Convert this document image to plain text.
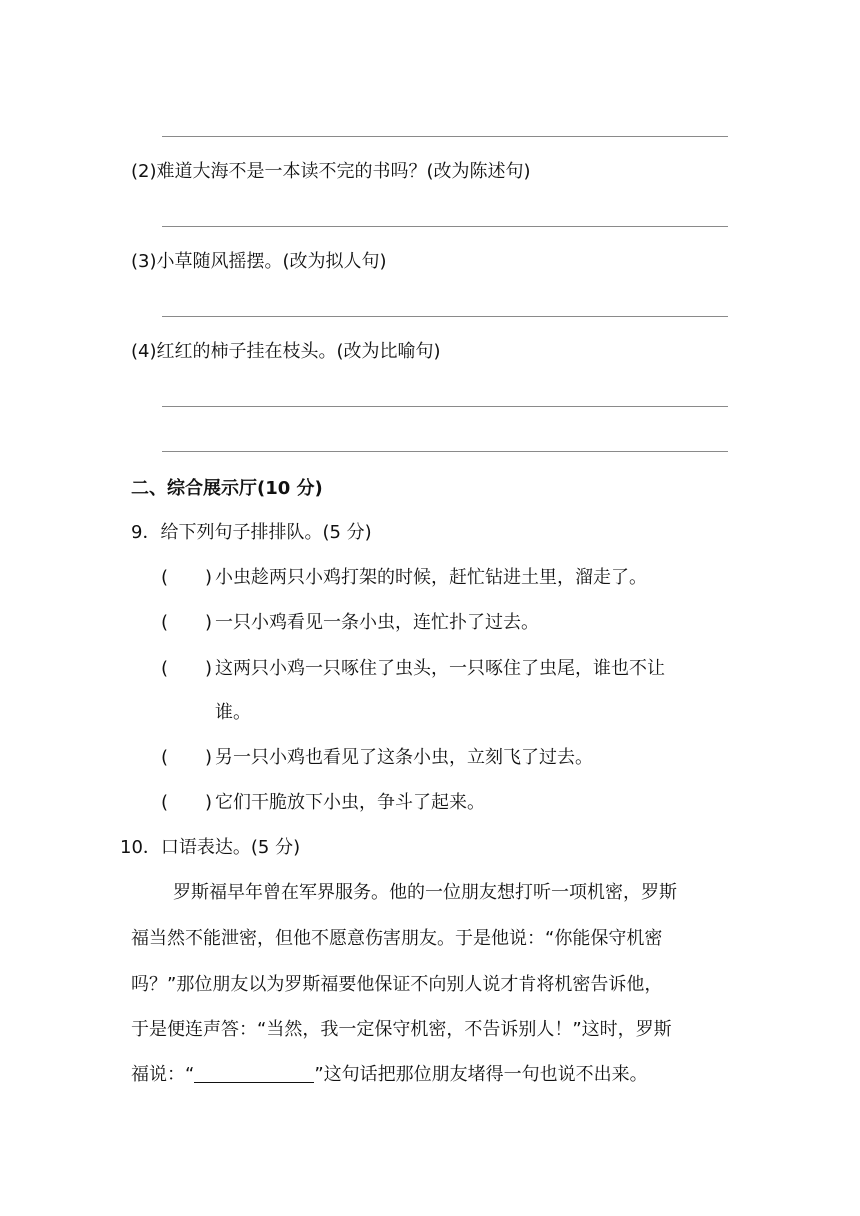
(2)难道大海不是一本读不完的书吗？(改为陈述句)
(3)小草随风摇摆。(改为拟人句)
(4)红红的柿子挂在枝头。(改为比喻句)
二、综合展示厅(10 分)
9．给下列句子排排队。(5 分)
( ) 小虫趁两只小鸡打架的时候，赶忙钻进土里，溜走了。
( ) 一只小鸡看见一条小虫，连忙扑了过去。
( ) 这两只小鸡一只啄住了虫头，一只啄住了虫尾，谁也不让
谁。
( ) 另一只小鸡也看见了这条小虫，立刻飞了过去。
( ) 它们干脆放下小虫，争斗了起来。
10．口语表达。(5 分)
罗斯福早年曾在军界服务。他的一位朋友想打听一项机密，罗斯
福当然不能泄密，但他不愿意伤害朋友。于是他说：“你能保守机密
吗？”那位朋友以为罗斯福要他保证不向别人说才肯将机密告诉他，
于是便连声答：“当然，我一定保守机密，不告诉别人！”这时，罗斯
福说：“	”这句话把那位朋友堵得一句也说不出来。
